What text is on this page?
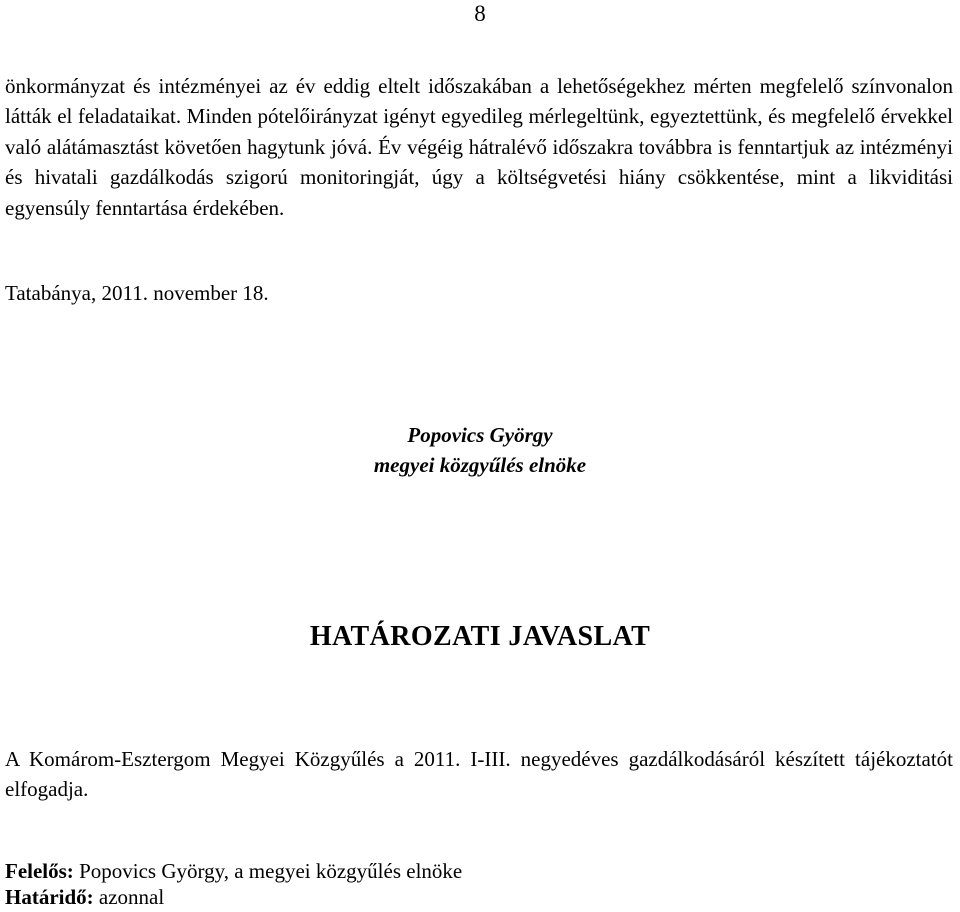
8

önkormányzat és intézményei az év eddig eltelt időszakában a lehetőségekhez mérten megfelelő színvonalon látták el feladataikat. Minden pótelőirányzat igényt egyedileg mérlegeltünk, egyeztettünk, és megfelelő érvekkel való alátámasztást követően hagytunk jóvá. Év végéig hátralévő időszakra továbbra is fenntartjuk az intézményi és hivatali gazdálkodás szigorú monitoringját, úgy a költségvetési hiány csökkentése, mint a likviditási egyensúly fenntartása érdekében.

Tatabánya, 2011. november 18.

Popovics György
megyei közgyűlés elnöke
HATÁROZATI JAVASLAT

A Komárom-Esztergom Megyei Közgyűlés a 2011. I-III. negyedéves gazdálkodásáról készített tájékoztatót elfogadja.

Felelős: Popovics György, a megyei közgyűlés elnöke
Határidő: azonnal
